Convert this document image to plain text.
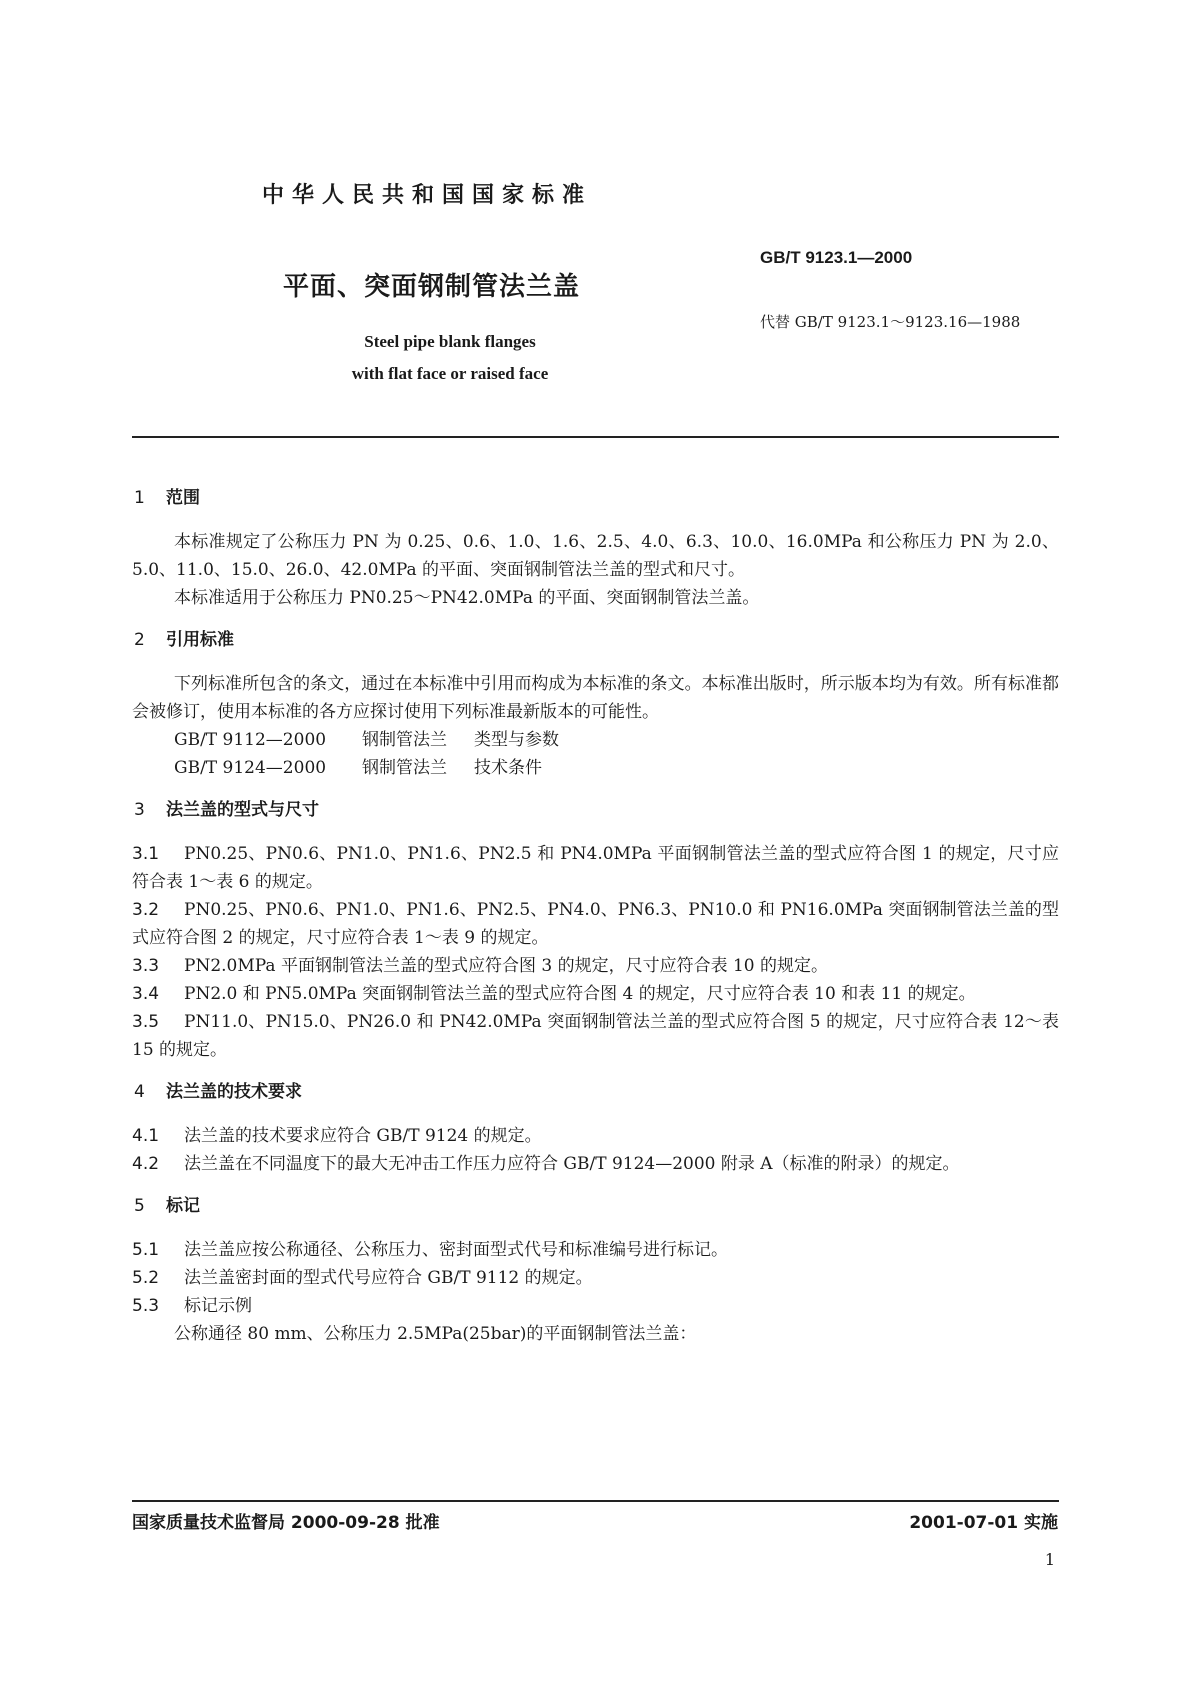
中华人民共和国国家标准
GB/T 9123.1—2000
平面、突面钢制管法兰盖
代替 GB/T 9123.1～9123.16—1988
Steel pipe blank flanges
with flat face or raised face
1 范围

本标准规定了公称压力 PN 为 0.25、0.6、1.0、1.6、2.5、4.0、6.3、10.0、16.0MPa 和公称压力 PN 为 2.0、5.0、11.0、15.0、26.0、42.0MPa 的平面、突面钢制管法兰盖的型式和尺寸。

本标准适用于公称压力 PN0.25～PN42.0MPa 的平面、突面钢制管法兰盖。

2 引用标准

下列标准所包含的条文，通过在本标准中引用而构成为本标准的条文。本标准出版时，所示版本均为有效。所有标准都会被修订，使用本标准的各方应探讨使用下列标准最新版本的可能性。

GB/T 9112—2000 钢制管法兰 类型与参数
GB/T 9124—2000 钢制管法兰 技术条件
3 法兰盖的型式与尺寸

3.1 PN0.25、PN0.6、PN1.0、PN1.6、PN2.5 和 PN4.0MPa 平面钢制管法兰盖的型式应符合图 1 的规定，尺寸应符合表 1～表 6 的规定。

3.2 PN0.25、PN0.6、PN1.0、PN1.6、PN2.5、PN4.0、PN6.3、PN10.0 和 PN16.0MPa 突面钢制管法兰盖的型式应符合图 2 的规定，尺寸应符合表 1～表 9 的规定。

3.3 PN2.0MPa 平面钢制管法兰盖的型式应符合图 3 的规定，尺寸应符合表 10 的规定。

3.4 PN2.0 和 PN5.0MPa 突面钢制管法兰盖的型式应符合图 4 的规定，尺寸应符合表 10 和表 11 的规定。

3.5 PN11.0、PN15.0、PN26.0 和 PN42.0MPa 突面钢制管法兰盖的型式应符合图 5 的规定，尺寸应符合表 12～表 15 的规定。

4 法兰盖的技术要求

4.1 法兰盖的技术要求应符合 GB/T 9124 的规定。

4.2 法兰盖在不同温度下的最大无冲击工作压力应符合 GB/T 9124—2000 附录 A（标准的附录）的规定。

5 标记

5.1 法兰盖应按公称通径、公称压力、密封面型式代号和标准编号进行标记。

5.2 法兰盖密封面的型式代号应符合 GB/T 9112 的规定。

5.3 标记示例

公称通径 80 mm、公称压力 2.5MPa(25bar)的平面钢制管法兰盖：

国家质量技术监督局 2000-09-28 批准	2001-07-01 实施
1
